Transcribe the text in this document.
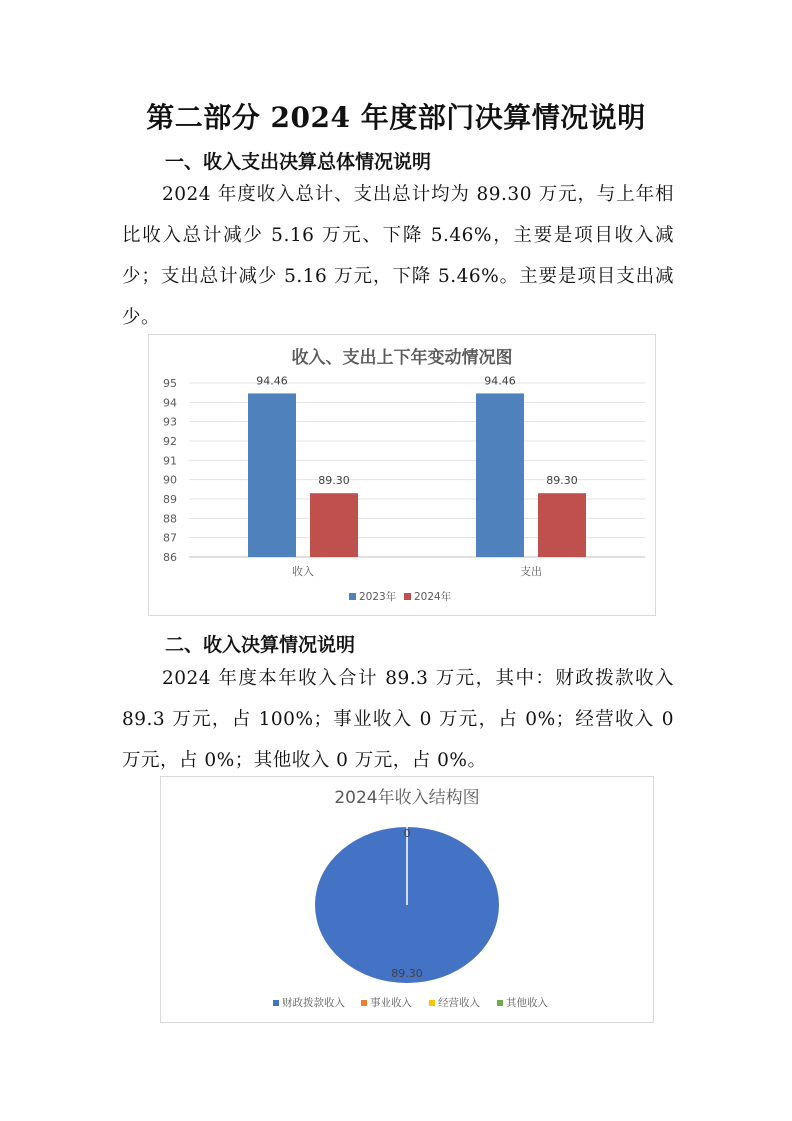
第二部分 2024 年度部门决算情况说明
一、收入支出决算总体情况说明
2024 年度收入总计、支出总计均为 89.30 万元，与上年相比收入总计减少 5.16 万元、下降 5.46%，主要是项目收入减少；支出总计减少 5.16 万元，下降 5.46%。主要是项目支出减少。
收入、支出上下年变动情况图
86
87
88
89
90
91
92
93
94
95	94.46
89.30
收入
94.46
89.30
支出
2023年 2024年
二、收入决算情况说明
2024 年度本年收入合计 89.3 万元，其中：财政拨款收入 89.3 万元，占 100%；事业收入 0 万元，占 0%；经营收入 0 万元，占 0%；其他收入 0 万元，占 0%。
2024年收入结构图
0
89.30
财政拨款收入 事业收入 经营收入 其他收入
